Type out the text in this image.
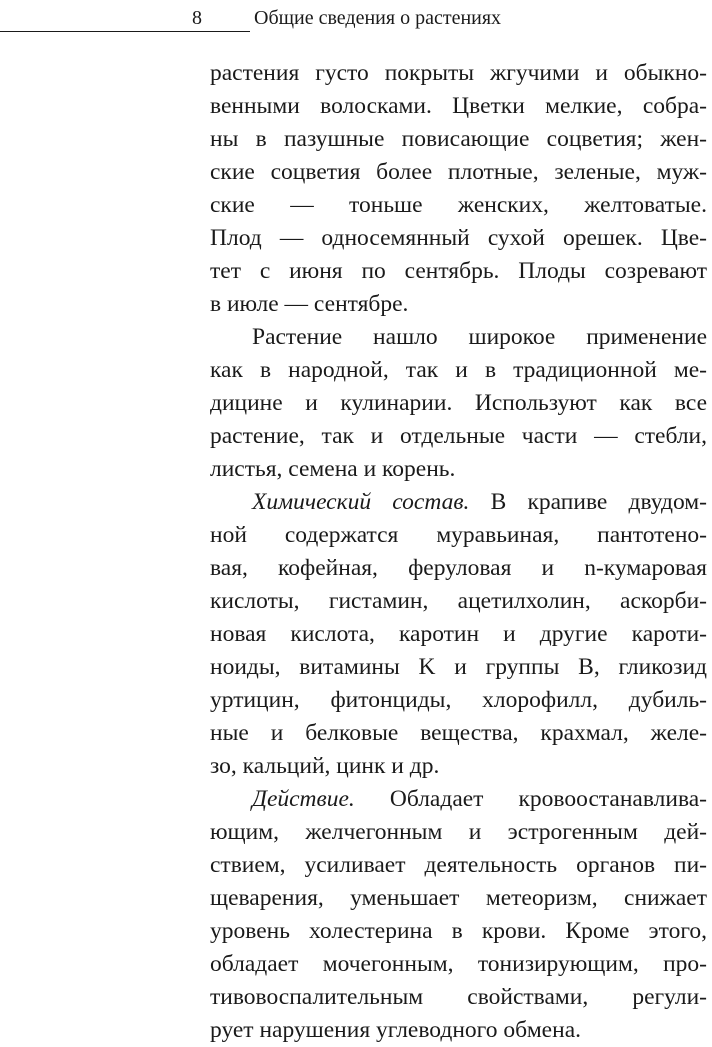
8	Общие сведения о растениях
растения густо покрыты жгучими и обыкно-
венными волосками. Цветки мелкие, собра-
ны в пазушные повисающие соцветия; жен-
ские соцветия более плотные, зеленые, муж-
ские — тоньше женских, желтоватые.
Плод — односемянный сухой орешек. Цве-
тет с июня по сентябрь. Плоды созревают
в июле — сентябре.
Растение нашло широкое применение
как в народной, так и в традиционной ме-
дицине и кулинарии. Используют как все
растение, так и отдельные части — стебли,
листья, семена и корень.
Химический состав. В крапиве двудом-
ной содержатся муравьиная, пантотено-
вая, кофейная, феруловая и n-кумаровая
кислоты, гистамин, ацетилхолин, аскорби-
новая кислота, каротин и другие кароти-
ноиды, витамины K и группы B, гликозид
уртицин, фитонциды, хлорофилл, дубиль-
ные и белковые вещества, крахмал, желе-
зо, кальций, цинк и др.
Действие. Обладает кровоостанавлива-
ющим, желчегонным и эстрогенным дей-
ствием, усиливает деятельность органов пи-
щеварения, уменьшает метеоризм, снижает
уровень холестерина в крови. Кроме этого,
обладает мочегонным, тонизирующим, про-
тивовоспалительным свойствами, регули-
рует нарушения углеводного обмена.
